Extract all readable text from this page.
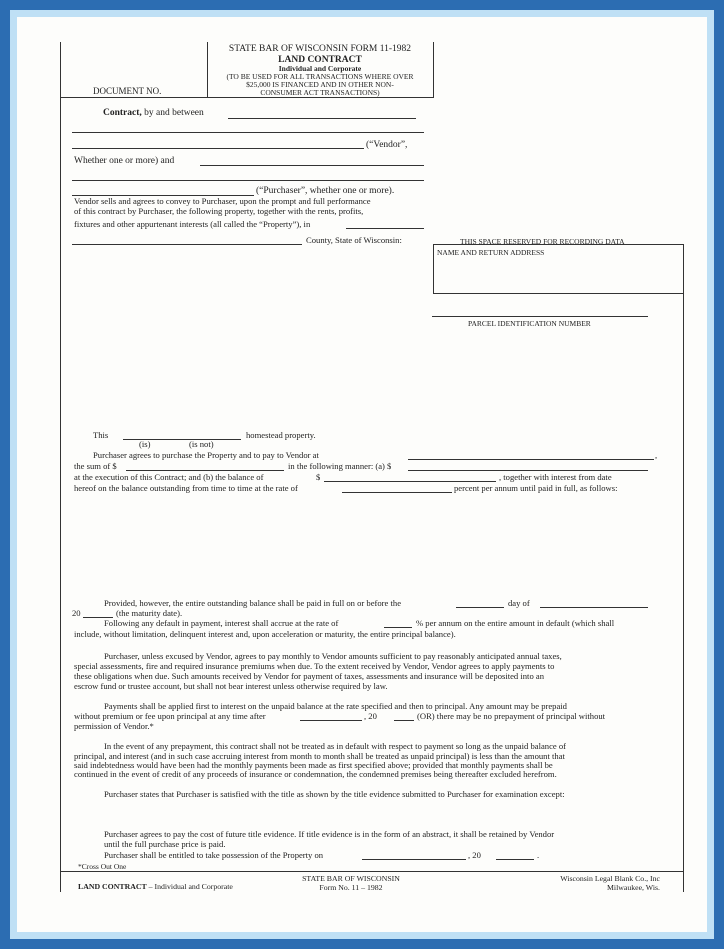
STATE BAR OF WISCONSIN FORM 11-1982
LAND CONTRACT
Individual and Corporate
(TO BE USED FOR ALL TRANSACTIONS WHERE OVER
$25,000 IS FINANCED AND IN OTHER NON-
CONSUMER ACT TRANSACTIONS)
DOCUMENT NO.
Contract, by and between
(“Vendor”,
Whether one or more) and
(“Purchaser”, whether one or more).
Vendor sells and agrees to convey to Purchaser, upon the prompt and full performance
of this contract by Purchaser, the following property, together with the rents, profits,
fixtures and other appurtenant interests (all called the “Property”), in
County, State of Wisconsin:	THIS SPACE RESERVED FOR RECORDING DATA
NAME AND RETURN ADDRESS
PARCEL IDENTIFICATION NUMBER
This	homestead property.
(is)	(is not)
Purchaser agrees to purchase the Property and to pay to Vendor at	,
the sum of $	in the following manner: (a) $
at the execution of this Contract; and (b) the balance of	$	, together with interest from date
hereof on the balance outstanding from time to time at the rate of	percent per annum until paid in full, as follows:
Provided, however, the entire outstanding balance shall be paid in full on or before the	day of
20	(the maturity date).
Following any default in payment, interest shall accrue at the rate of	% per annum on the entire amount in default (which shall
include, without limitation, delinquent interest and, upon acceleration or maturity, the entire principal balance).
Purchaser, unless excused by Vendor, agrees to pay monthly to Vendor amounts sufficient to pay reasonably anticipated annual taxes,
special assessments, fire and required insurance premiums when due. To the extent received by Vendor, Vendor agrees to apply payments to
these obligations when due. Such amounts received by Vendor for payment of taxes, assessments and insurance will be deposited into an
escrow fund or trustee account, but shall not bear interest unless otherwise required by law.
Payments shall be applied first to interest on the unpaid balance at the rate specified and then to principal. Any amount may be prepaid
without premium or fee upon principal at any time after	, 20	(OR) there may be no prepayment of principal without
permission of Vendor.*
In the event of any prepayment, this contract shall not be treated as in default with respect to payment so long as the unpaid balance of
principal, and interest (and in such case accruing interest from month to month shall be treated as unpaid principal) is less than the amount that
said indebtedness would have been had the monthly payments been made as first specified above; provided that monthly payments shall be
continued in the event of credit of any proceeds of insurance or condemnation, the condemned premises being thereafter excluded herefrom.
Purchaser states that Purchaser is satisfied with the title as shown by the title evidence submitted to Purchaser for examination except:
Purchaser agrees to pay the cost of future title evidence. If title evidence is in the form of an abstract, it shall be retained by Vendor
until the full purchase price is paid.
Purchaser shall be entitled to take possession of the Property on	, 20	.
*Cross Out One
LAND CONTRACT – Individual and Corporate
STATE BAR OF WISCONSIN
Form No. 11 – 1982
Wisconsin Legal Blank Co., Inc
Milwaukee, Wis.
